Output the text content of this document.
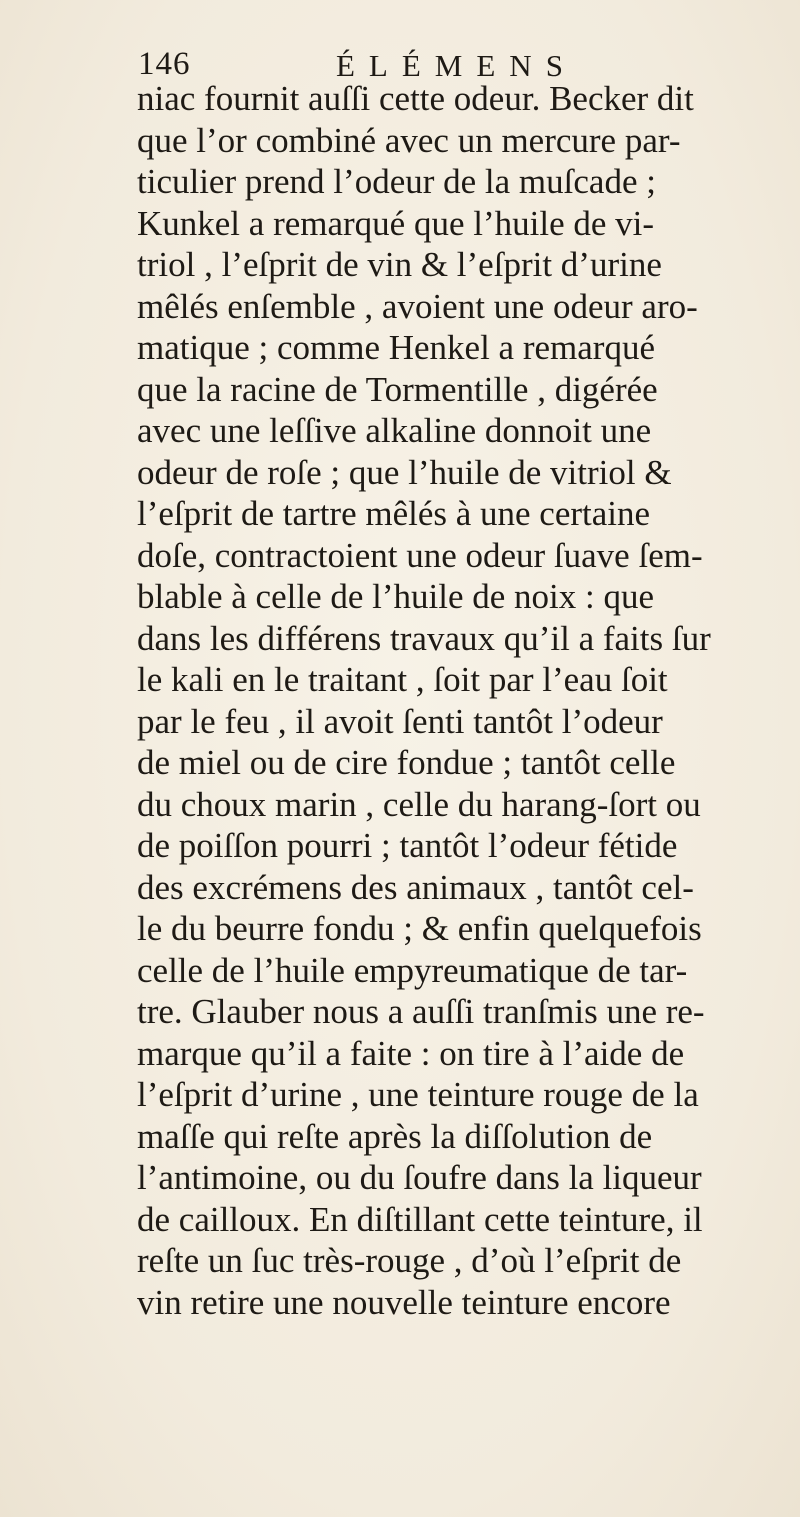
146	ÉLÉMENS
niac fournit auſſi cette odeur. Becker dit
que l’or combiné avec un mercure par-
ticulier prend l’odeur de la muſcade ;
Kunkel a remarqué que l’huile de vi-
triol , l’eſprit de vin & l’eſprit d’urine
mêlés enſemble , avoient une odeur aro-
matique ; comme Henkel a remarqué
que la racine de Tormentille , digérée
avec une leſſive alkaline donnoit une
odeur de roſe ; que l’huile de vitriol &
l’eſprit de tartre mêlés à une certaine
doſe, contractoient une odeur ſuave ſem-
blable à celle de l’huile de noix : que
dans les différens travaux qu’il a faits ſur
le kali en le traitant , ſoit par l’eau ſoit
par le feu , il avoit ſenti tantôt l’odeur
de miel ou de cire fondue ; tantôt celle
du choux marin , celle du harang-ſort ou
de poiſſon pourri ; tantôt l’odeur fétide
des excrémens des animaux , tantôt cel-
le du beurre fondu ; & enfin quelquefois
celle de l’huile empyreumatique de tar-
tre. Glauber nous a auſſi tranſmis une re-
marque qu’il a faite : on tire à l’aide de
l’eſprit d’urine , une teinture rouge de la
maſſe qui reſte après la diſſolution de
l’antimoine, ou du ſoufre dans la liqueur
de cailloux. En diſtillant cette teinture, il
reſte un ſuc très-rouge , d’où l’eſprit de
vin retire une nouvelle teinture encore
